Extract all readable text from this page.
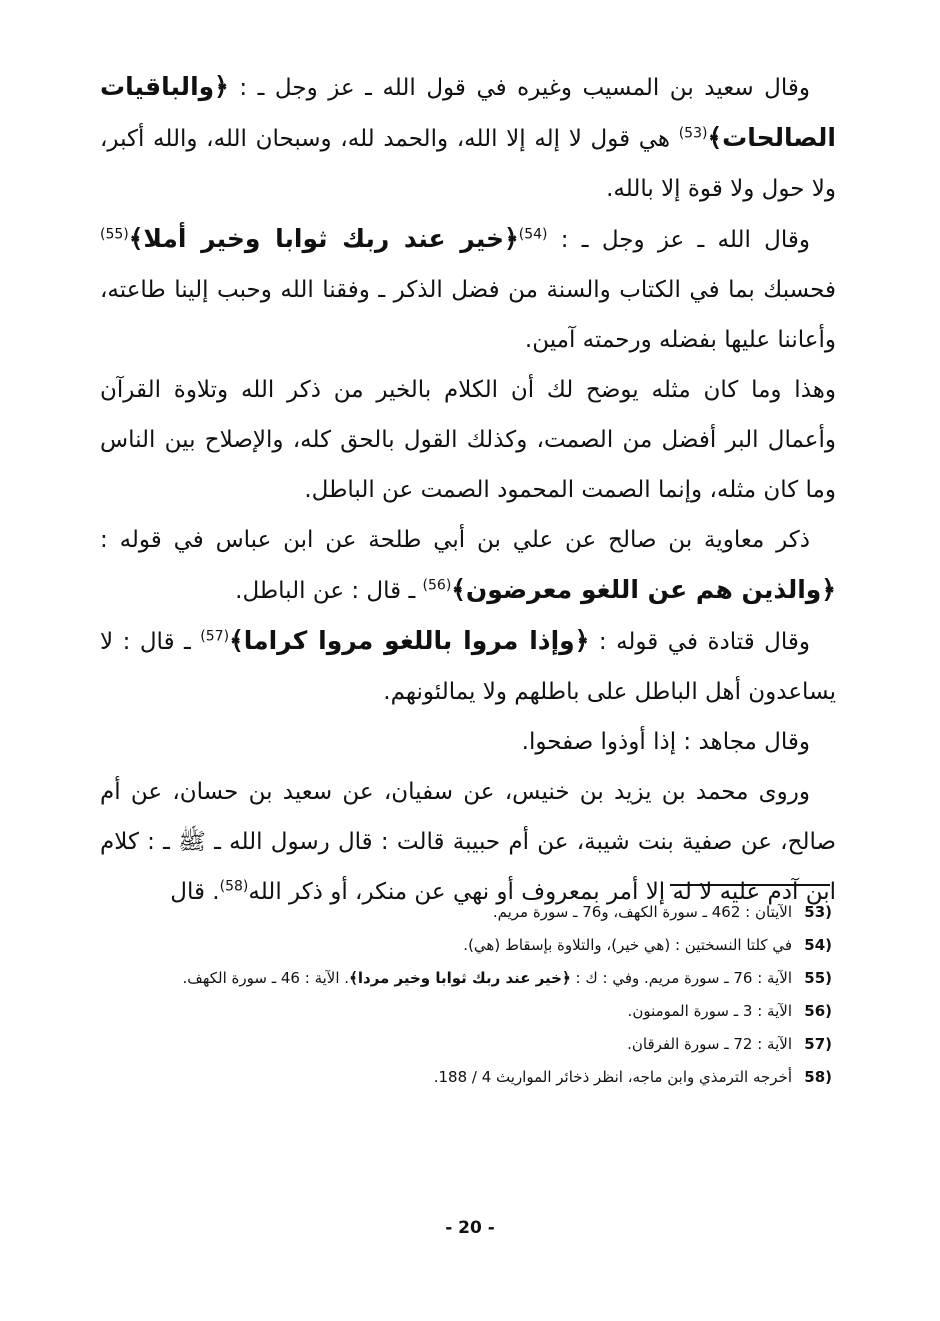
وقال سعيد بن المسيب وغيره في قول الله ـ عز وجل ـ : ﴿والباقيات الصالحات﴾$^{(53)}$ هي قول لا إله إلا الله، والحمد لله، وسبحان الله، والله أكبر، ولا حول ولا قوة إلا بالله.

وقال الله ـ عز وجل ـ : $^{(54)}$﴿خير عند ربك ثوابا وخير أملا﴾$^{(55)}$ فحسبك بما في الكتاب والسنة من فضل الذكر ـ وفقنا الله وحبب إلينا طاعته، وأعاننا عليها بفضله ورحمته آمين.

وهذا وما كان مثله يوضح لك أن الكلام بالخير من ذكر الله وتلاوة القرآن وأعمال البر أفضل من الصمت، وكذلك القول بالحق كله، والإصلاح بين الناس وما كان مثله، وإنما الصمت المحمود الصمت عن الباطل.

ذكر معاوية بن صالح عن علي بن أبي طلحة عن ابن عباس في قوله :﴿والذين هم عن اللغو معرضون﴾$^{(56)}$ ـ قال : عن الباطل.

وقال قتادة في قوله : ﴿وإذا مروا باللغو مروا كراما﴾$^{(57)}$ ـ قال : لا يساعدون أهل الباطل على باطلهم ولا يمالئونهم.

وقال مجاهد : إذا أوذوا صفحوا.

وروى محمد بن يزيد بن خنيس، عن سفيان، عن سعيد بن حسان، عن أم صالح، عن صفية بنت شيبة، عن أم حبيبة قالت : قال رسول الله ـ ﷺ ـ : كلام ابن آدم عليه لا له إلا أمر بمعروف أو نهي عن منكر، أو ذكر الله$^{(58)}$. قال

53)
الآيتان : 462 ـ سورة الكهف، و76 ـ سورة مريم.
54)
في كلتا النسختين : (هي خير)، والتلاوة بإسقاط (هي).
55)
الآية : 76 ـ سورة مريم. وفي : ك : ﴿خير عند ربك ثوابا وخير مردا﴾. الآية : 46 ـ سورة الكهف.
56)
الآية : 3 ـ سورة المومنون.
57)
الآية : 72 ـ سورة الفرقان.
58)
أخرجه الترمذي وابن ماجه، انظر ذخائر المواريث 4 / 188.
- 20 -
